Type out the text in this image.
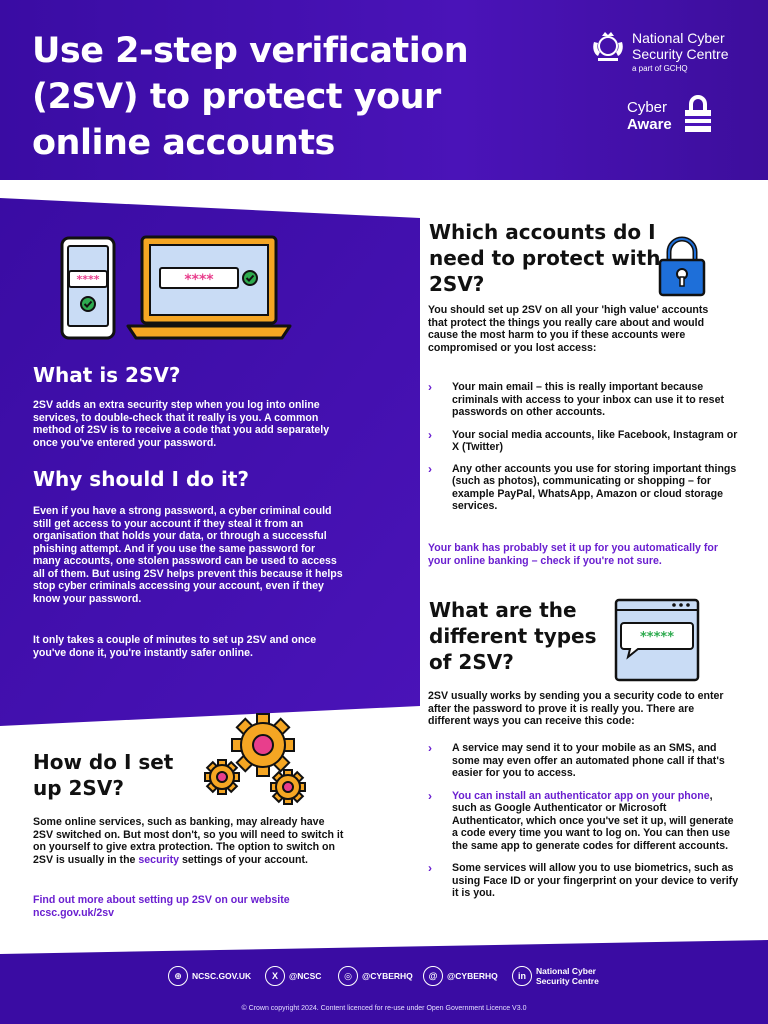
Use 2-step verification (2SV) to protect your online accounts
National Cyber Security Centre
a part of GCHQ
Cyber
Aware
****	****
What is 2SV?
2SV adds an extra security step when you log into online services, to double-check that it really is you. A common method of 2SV is to receive a code that you add separately once you've entered your password.
Why should I do it?
Even if you have a strong password, a cyber criminal could still get access to your account if they steal it from an organisation that holds your data, or through a successful phishing attempt. And if you use the same password for many accounts, one stolen password can be used to access all of them. But using 2SV helps prevent this because it helps stop cyber criminals accessing your account, even if they know your password.
It only takes a couple of minutes to set up 2SV and once you've done it, you're instantly safer online.
How do I set up 2SV?
Some online services, such as banking, may already have 2SV switched on. But most don't, so you will need to switch it on yourself to give extra protection. The option to switch on 2SV is usually in the security settings of your account.
Find out more about setting up 2SV on our website ncsc.gov.uk/2sv
Which accounts do I need to protect with 2SV?
You should set up 2SV on all your 'high value' accounts that protect the things you really care about and would cause the most harm to you if these accounts were compromised or you lost access:
› Your main email – this is really important because criminals with access to your inbox can use it to reset passwords on other accounts.
› Your social media accounts, like Facebook, Instagram or X (Twitter)
› Any other accounts you use for storing important things (such as photos), communicating or shopping – for example PayPal, WhatsApp, Amazon or cloud storage services.
Your bank has probably set it up for you automatically for your online banking – check if you're not sure.
What are the different types of 2SV?
*****
2SV usually works by sending you a security code to enter after the password to prove it is really you. There are different ways you can receive this code:
› A service may send it to your mobile as an SMS, and some may even offer an automated phone call if that's easier for you to access.
› You can install an authenticator app on your phone, such as Google Authenticator or Microsoft Authenticator, which once you've set it up, will generate a code every time you want to log on. You can then use the same app to generate codes for different accounts.
› Some services will allow you to use biometrics, such as using Face ID or your fingerprint on your device to verify it is you.
⊕	NCSC.GOV.UK	X	@NCSC	◎	@CYBERHQ	@	@CYBERHQ	in	National Cyber Security Centre
© Crown copyright 2024. Content licenced for re-use under Open Government Licence V3.0
